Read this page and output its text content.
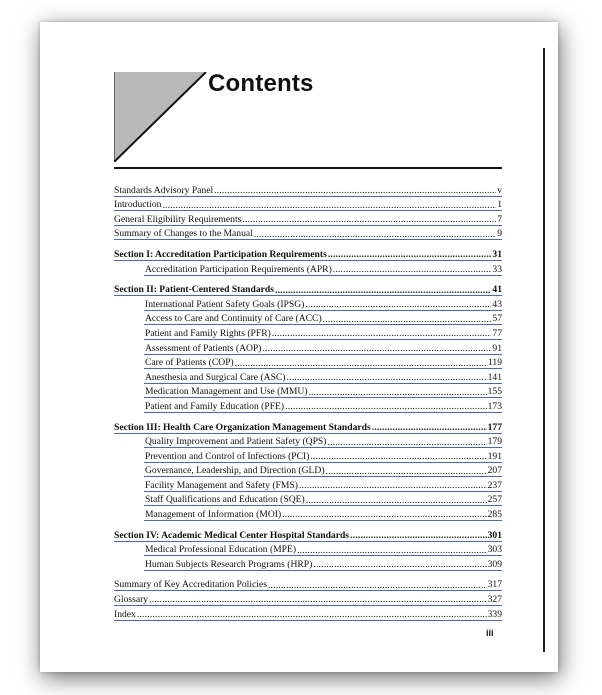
Contents
Standards Advisory Panel .....	v
Introduction .....	1
General Eligibility Requirements .....	7
Summary of Changes to the Manual .....	9
Section I: Accreditation Participation Requirements .....	31
Accreditation Participation Requirements (APR) .....	33
Section II: Patient-Centered Standards .....	41
International Patient Safety Goals (IPSG) .....	43
Access to Care and Continuity of Care (ACC) .....	57
Patient and Family Rights (PFR) .....	77
Assessment of Patients (AOP) .....	91
Care of Patients (COP) .....	119
Anesthesia and Surgical Care (ASC) .....	141
Medication Management and Use (MMU) .....	155
Patient and Family Education (PFE) .....	173
Section III: Health Care Organization Management Standards .....	177
Quality Improvement and Patient Safety (QPS) .....	179
Prevention and Control of Infections (PCI) .....	191
Governance, Leadership, and Direction (GLD) .....	207
Facility Management and Safety (FMS) .....	237
Staff Qualifications and Education (SQE) .....	257
Management of Information (MOI) .....	285
Section IV: Academic Medical Center Hospital Standards .....	301
Medical Professional Education (MPE) .....	303
Human Subjects Research Programs (HRP) .....	309
Summary of Key Accreditation Policies .....	317
Glossary .....	327
Index .....	339
iii
